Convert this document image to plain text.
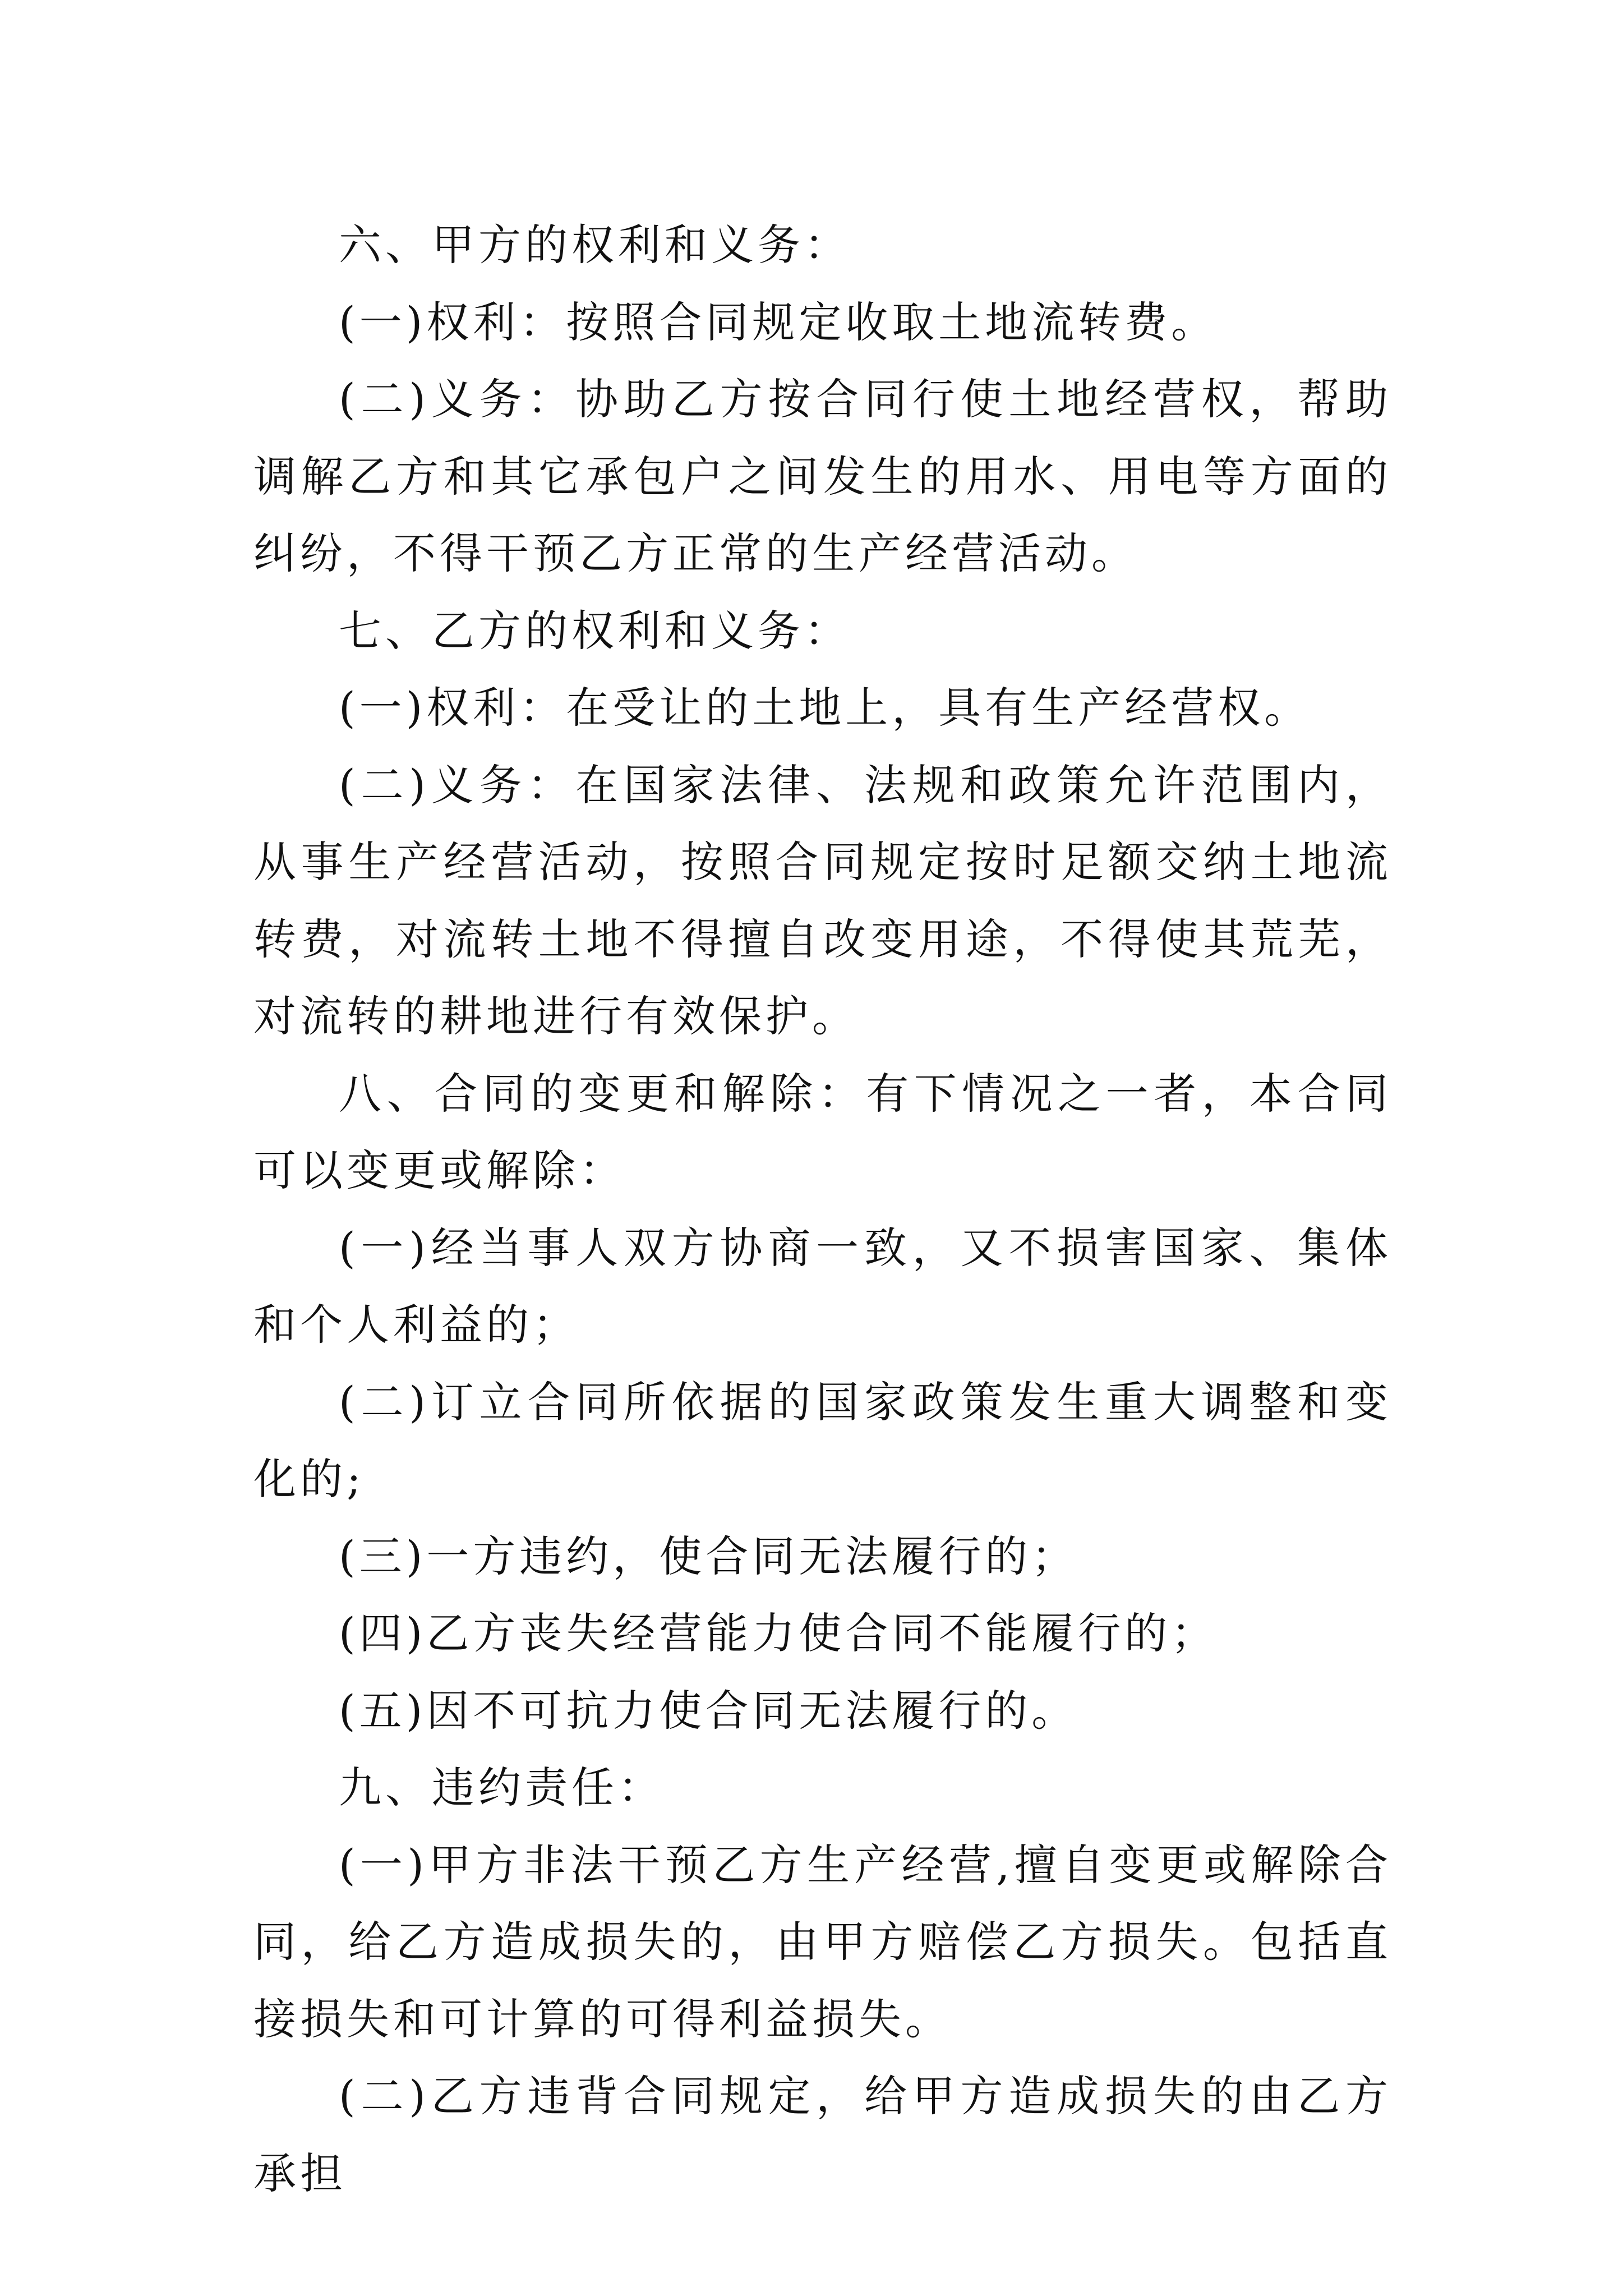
六、甲方的权利和义务：

(一)权利：按照合同规定收取土地流转费。

(二)义务：协助乙方按合同行使土地经营权，帮助调解乙方和其它承包户之间发生的用水、用电等方面的纠纷，不得干预乙方正常的生产经营活动。

七、乙方的权利和义务：

(一)权利：在受让的土地上，具有生产经营权。

(二)义务：在国家法律、法规和政策允许范围内，从事生产经营活动，按照合同规定按时足额交纳土地流转费，对流转土地不得擅自改变用途，不得使其荒芜，对流转的耕地进行有效保护。

八、合同的变更和解除：有下情况之一者，本合同可以变更或解除：

(一)经当事人双方协商一致，又不损害国家、集体和个人利益的；

(二)订立合同所依据的国家政策发生重大调整和变化的;

(三)一方违约，使合同无法履行的；

(四)乙方丧失经营能力使合同不能履行的；

(五)因不可抗力使合同无法履行的。

九、违约责任：

(一)甲方非法干预乙方生产经营,擅自变更或解除合同，给乙方造成损失的，由甲方赔偿乙方损失。包括直接损失和可计算的可得利益损失。

(二)乙方违背合同规定，给甲方造成损失的由乙方承担
